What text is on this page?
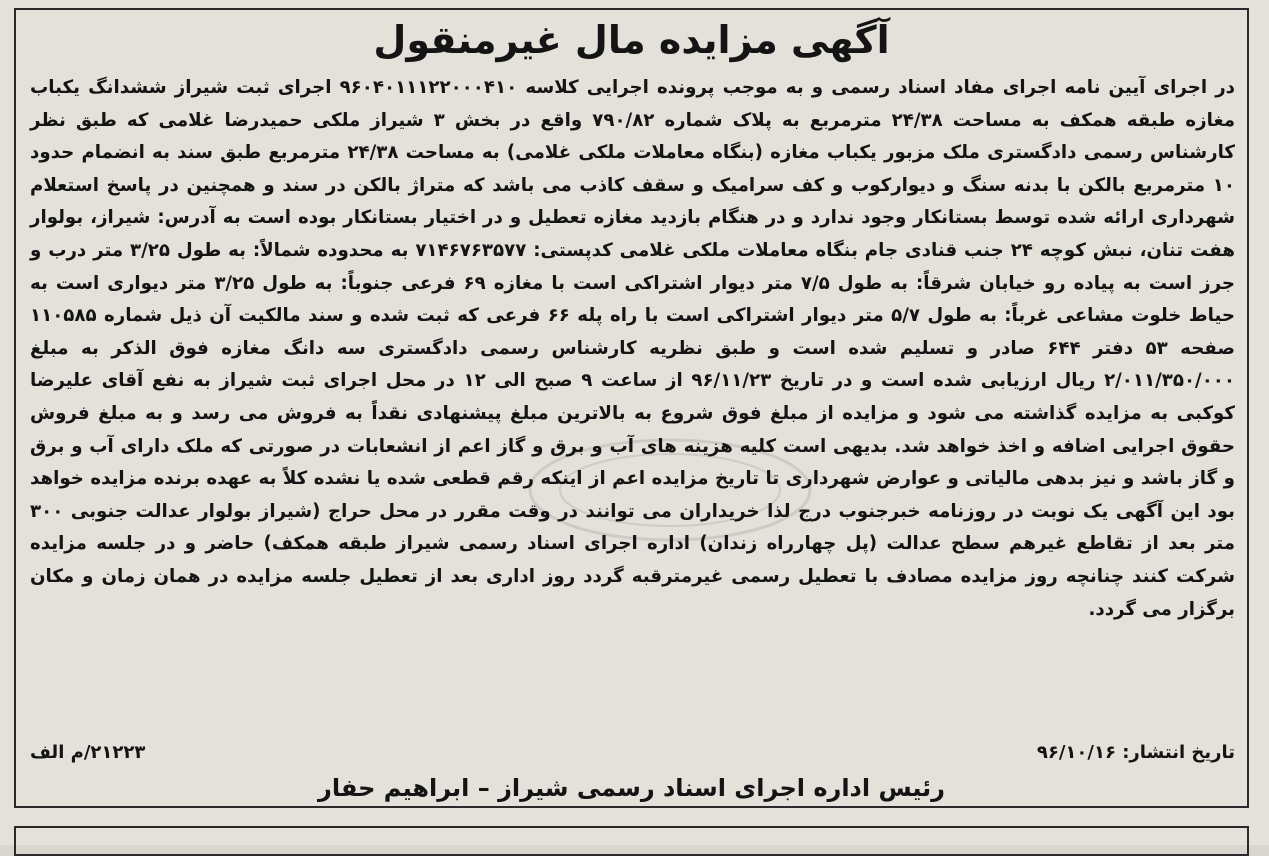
آگهی مزایده مال غیرمنقول
در اجرای آیین نامه اجرای مفاد اسناد رسمی و به موجب پرونده اجرایی کلاسه ۹۶۰۴۰۱۱۱۲۲۰۰۰۴۱۰ اجرای ثبت شیراز ششدانگ یکباب مغازه طبقه همکف به مساحت ۲۴/۳۸ مترمربع به پلاک شماره ۷۹۰/۸۲ واقع در بخش ۳ شیراز ملکی حمیدرضا غلامی که طبق نظر کارشناس رسمی دادگستری ملک مزبور یکباب مغازه (بنگاه معاملات ملکی غلامی) به مساحت ۲۴/۳۸ مترمربع طبق سند به انضمام حدود ۱۰ مترمربع بالکن با بدنه سنگ و دیوارکوب و کف سرامیک و سقف کاذب می باشد که متراژ بالکن در سند و همچنین در پاسخ استعلام شهرداری ارائه شده توسط بستانکار وجود ندارد و در هنگام بازدید مغازه تعطیل و در اختیار بستانکار بوده است به آدرس: شیراز، بولوار هفت تنان، نبش کوچه ۲۴ جنب قنادی جام بنگاه معاملات ملکی غلامی کدپستی: ۷۱۴۶۷۶۳۵۷۷ به محدوده شمالاً: به طول ۳/۲۵ متر درب و جرز است به پیاده رو خیابان شرقاً: به طول ۷/۵ متر دیوار اشتراکی است با مغازه ۶۹ فرعی جنوباً: به طول ۳/۲۵ متر دیواری است به حیاط خلوت مشاعی غرباً: به طول ۵/۷ متر دیوار اشتراکی است با راه پله ۶۶ فرعی که ثبت شده و سند مالکیت آن ذیل شماره ۱۱۰۵۸۵ صفحه ۵۳ دفتر ۶۴۴ صادر و تسلیم شده است و طبق نظریه کارشناس رسمی دادگستری سه دانگ مغازه فوق الذکر به مبلغ ۲/۰۱۱/۳۵۰/۰۰۰ ریال ارزیابی شده است و در تاریخ ۹۶/۱۱/۲۳ از ساعت ۹ صبح الی ۱۲ در محل اجرای ثبت شیراز به نفع آقای علیرضا کوکبی به مزایده گذاشته می شود و مزایده از مبلغ فوق شروع به بالاترین مبلغ پیشنهادی نقداً به فروش می رسد و به مبلغ فروش حقوق اجرایی اضافه و اخذ خواهد شد. بدیهی است کلیه هزینه های آب و برق و گاز اعم از انشعابات در صورتی که ملک دارای آب و برق و گاز باشد و نیز بدهی مالیاتی و عوارض شهرداری تا تاریخ مزایده اعم از اینکه رقم قطعی شده یا نشده کلاً به عهده برنده مزایده خواهد بود این آگهی یک نوبت در روزنامه خبرجنوب درج لذا خریداران می توانند در وقت مقرر در محل حراج (شیراز بولوار عدالت جنوبی ۳۰۰ متر بعد از تقاطع غیرهم سطح عدالت (پل چهارراه زندان) اداره اجرای اسناد رسمی شیراز طبقه همکف) حاضر و در جلسه مزایده شرکت کنند چنانچه روز مزایده مصادف با تعطیل رسمی غیرمترقبه گردد روز اداری بعد از تعطیل جلسه مزایده در همان زمان و مکان برگزار می گردد.
تاریخ انتشار: ۹۶/۱۰/۱۶
۲۱۲۲۳/م الف
رئیس اداره اجرای اسناد رسمی شیراز – ابراهیم حفار
